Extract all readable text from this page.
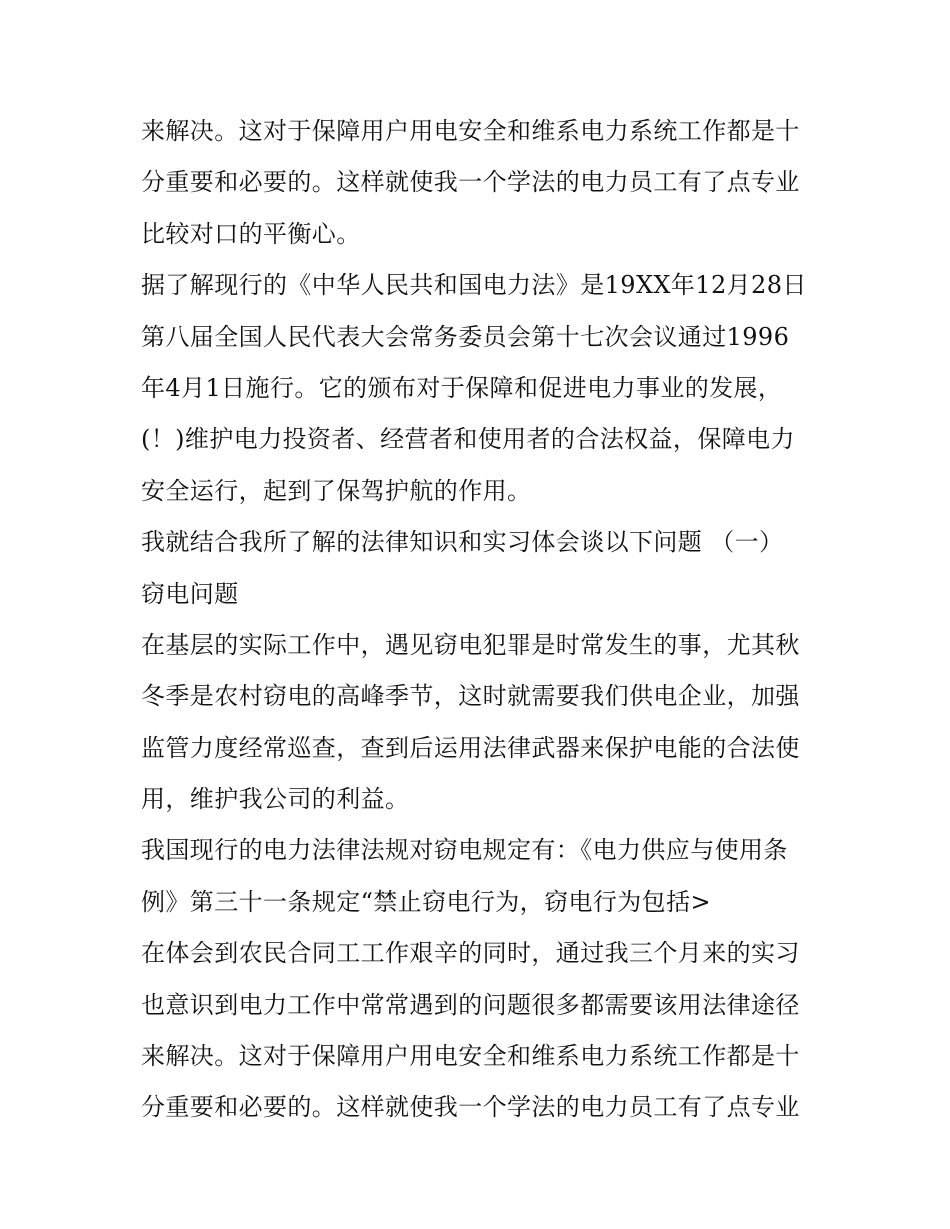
来解决。这对于保障用户用电安全和维系电力系统工作都是十
分重要和必要的。这样就使我一个学法的电力员工有了点专业
比较对口的平衡心。
据了解现行的《中华人民共和国电力法》是19XX年12月28日
第八届全国人民代表大会常务委员会第十七次会议通过1996
年4月1日施行。它的颁布对于保障和促进电力事业的发展，
(！)维护电力投资者、经营者和使用者的合法权益，保障电力
安全运行，起到了保驾护航的作用。
我就结合我所了解的法律知识和实习体会谈以下问题 （一）
窃电问题
在基层的实际工作中，遇见窃电犯罪是时常发生的事，尤其秋
冬季是农村窃电的高峰季节，这时就需要我们供电企业，加强
监管力度经常巡查，查到后运用法律武器来保护电能的合法使
用，维护我公司的利益。
我国现行的电力法律法规对窃电规定有：《电力供应与使用条
例》第三十一条规定“禁止窃电行为，窃电行为包括>
在体会到农民合同工工作艰辛的同时，通过我三个月来的实习
也意识到电力工作中常常遇到的问题很多都需要该用法律途径
来解决。这对于保障用户用电安全和维系电力系统工作都是十
分重要和必要的。这样就使我一个学法的电力员工有了点专业
